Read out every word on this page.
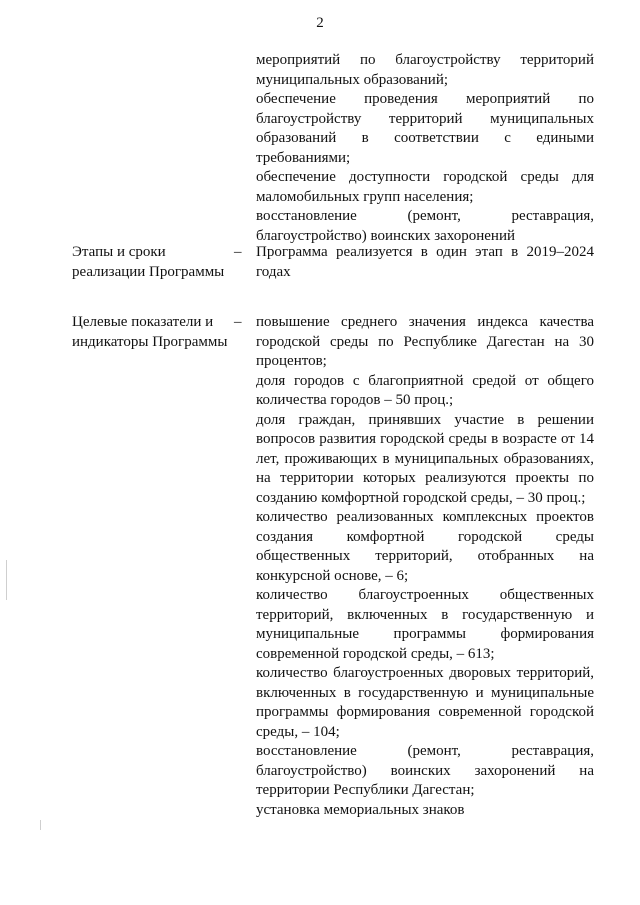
2

мероприятий по благоустройству территорий муниципальных образований;

обеспечение проведения мероприятий по благоустройству территорий муниципальных образований в соответствии с едиными требованиями;

обеспечение доступности городской среды для маломобильных групп населения;

восстановление (ремонт, реставрация, благоустройство) воинских захоронений

Этапы и сроки реализации Программы
– Программа реализуется в один этап в 2019–2024 годах

Целевые показатели и индикаторы Программы
– повышение среднего значения индекса качества городской среды по Республике Дагестан на 30 процентов;

доля городов с благоприятной средой от общего количества городов – 50 проц.;

доля граждан, принявших участие в решении вопросов развития городской среды в возрасте от 14 лет, проживающих в муниципальных образованиях, на территории которых реализуются проекты по созданию комфортной городской среды, – 30 проц.;

количество реализованных комплексных проектов создания комфортной городской среды общественных территорий, отобранных на конкурсной основе, – 6;

количество благоустроенных общественных территорий, включенных в государственную и муниципальные программы формирования современной городской среды, – 613;

количество благоустроенных дворовых территорий, включенных в государственную и муниципальные программы формирования современной городской среды, – 104;

восстановление (ремонт, реставрация, благоустройство) воинских захоронений на территории Республики Дагестан;

установка мемориальных знаков
